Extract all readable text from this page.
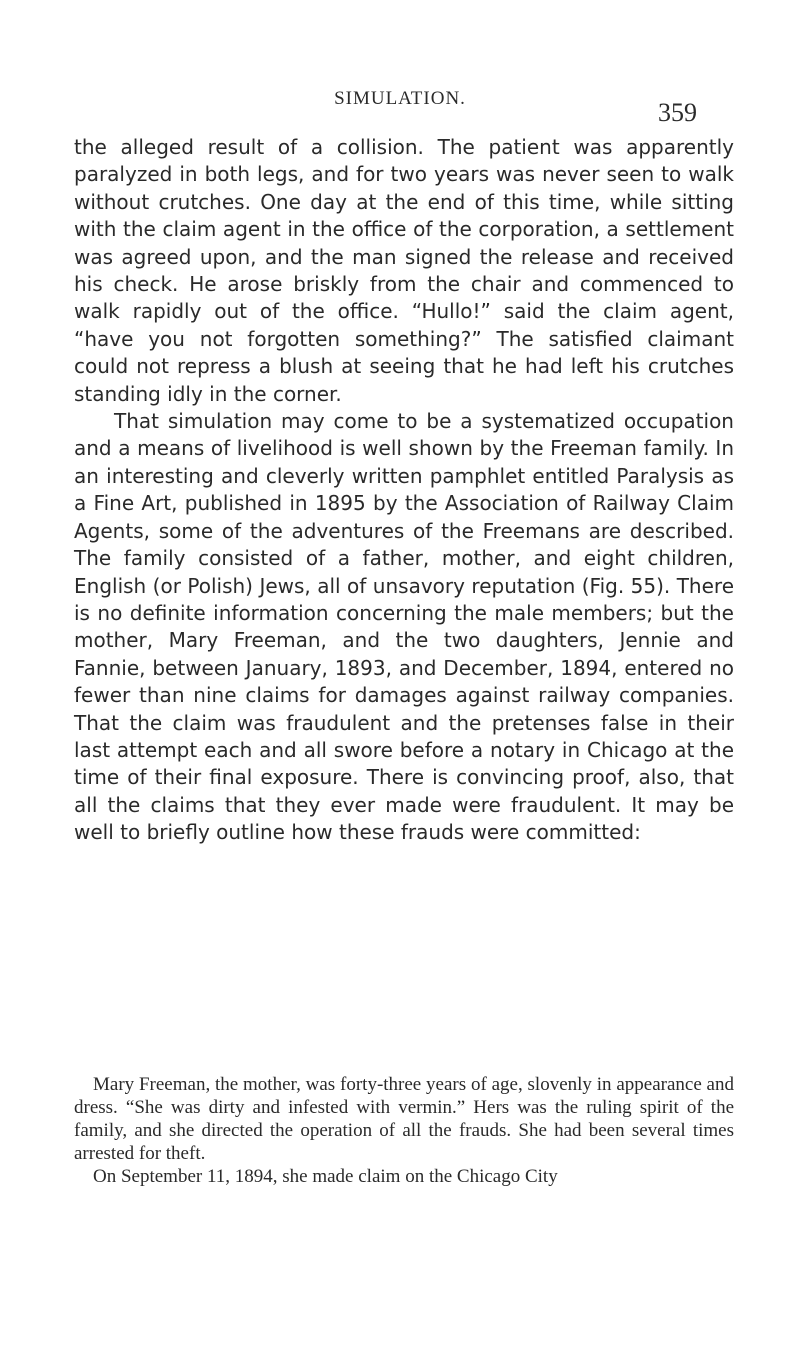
SIMULATION.	359

the alleged result of a collision. The patient was apparently paralyzed in both legs, and for two years was never seen to walk without crutches. One day at the end of this time, while sitting with the claim agent in the office of the corporation, a settlement was agreed upon, and the man signed the release and received his check. He arose briskly from the chair and commenced to walk rapidly out of the office. “Hullo!” said the claim agent, “have you not forgotten something?” The satisfied claimant could not repress a blush at seeing that he had left his crutches standing idly in the corner.

That simulation may come to be a systematized occupation and a means of livelihood is well shown by the Freeman family. In an interesting and cleverly written pamphlet entitled Paralysis as a Fine Art, published in 1895 by the Association of Railway Claim Agents, some of the adventures of the Freemans are described. The family consisted of a father, mother, and eight children, English (or Polish) Jews, all of unsavory reputation (Fig. 55). There is no definite information concerning the male members; but the mother, Mary Freeman, and the two daughters, Jennie and Fannie, between January, 1893, and December, 1894, entered no fewer than nine claims for damages against railway companies. That the claim was fraudulent and the pretenses false in their last attempt each and all swore before a notary in Chicago at the time of their final exposure. There is convincing proof, also, that all the claims that they ever made were fraudulent. It may be well to briefly outline how these frauds were committed:

Mary Freeman, the mother, was forty-three years of age, slovenly in appearance and dress. “She was dirty and infested with vermin.” Hers was the ruling spirit of the family, and she directed the operation of all the frauds. She had been several times arrested for theft.

On September 11, 1894, she made claim on the Chicago City
